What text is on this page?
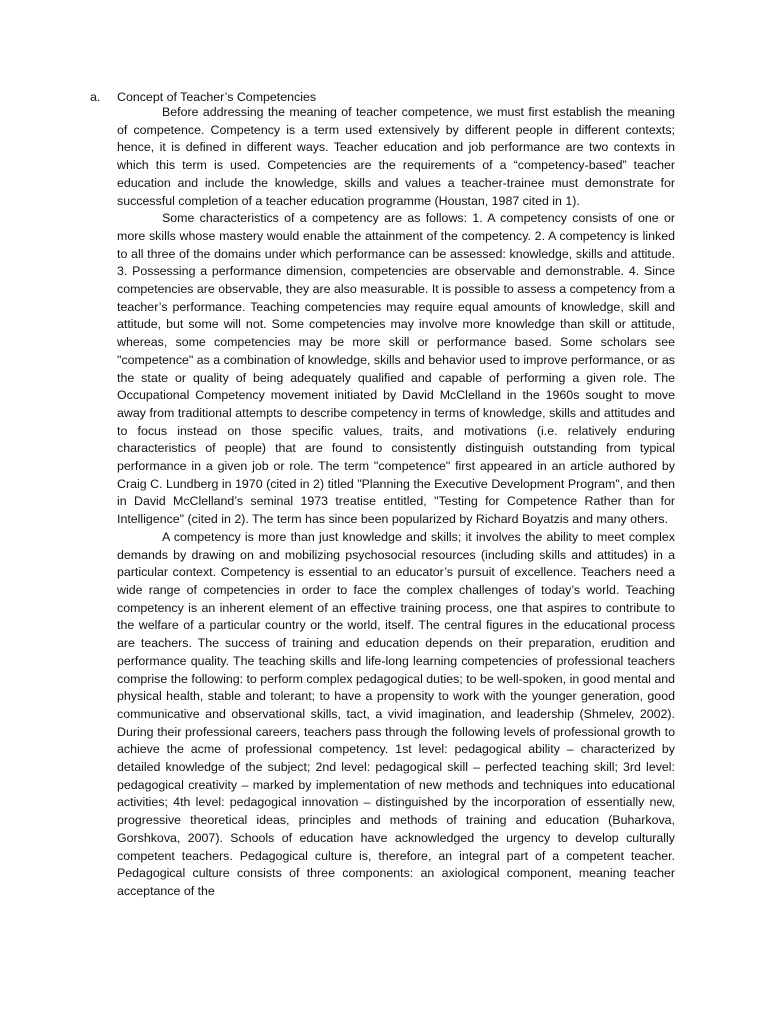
a. Concept of Teacher’s Competencies

Before addressing the meaning of teacher competence, we must first establish the meaning of competence. Competency is a term used extensively by different people in different contexts; hence, it is defined in different ways. Teacher education and job performance are two contexts in which this term is used. Competencies are the requirements of a “competency-based” teacher education and include the knowledge, skills and values a teacher-trainee must demonstrate for successful completion of a teacher education programme (Houstan, 1987 cited in 1).

Some characteristics of a competency are as follows: 1. A competency consists of one or more skills whose mastery would enable the attainment of the competency. 2. A competency is linked to all three of the domains under which performance can be assessed: knowledge, skills and attitude. 3. Possessing a performance dimension, competencies are observable and demonstrable. 4. Since competencies are observable, they are also measurable. It is possible to assess a competency from a teacher’s performance. Teaching competencies may require equal amounts of knowledge, skill and attitude, but some will not. Some competencies may involve more knowledge than skill or attitude, whereas, some competencies may be more skill or performance based. Some scholars see "competence" as a combination of knowledge, skills and behavior used to improve performance, or as the state or quality of being adequately qualified and capable of performing a given role. The Occupational Competency movement initiated by David McClelland in the 1960s sought to move away from traditional attempts to describe competency in terms of knowledge, skills and attitudes and to focus instead on those specific values, traits, and motivations (i.e. relatively enduring characteristics of people) that are found to consistently distinguish outstanding from typical performance in a given job or role. The term "competence" first appeared in an article authored by Craig C. Lundberg in 1970 (cited in 2) titled "Planning the Executive Development Program", and then in David McClelland’s seminal 1973 treatise entitled, "Testing for Competence Rather than for Intelligence" (cited in 2). The term has since been popularized by Richard Boyatzis and many others.

A competency is more than just knowledge and skills; it involves the ability to meet complex demands by drawing on and mobilizing psychosocial resources (including skills and attitudes) in a particular context. Competency is essential to an educator’s pursuit of excellence. Teachers need a wide range of competencies in order to face the complex challenges of today’s world. Teaching competency is an inherent element of an effective training process, one that aspires to contribute to the welfare of a particular country or the world, itself. The central figures in the educational process are teachers. The success of training and education depends on their preparation, erudition and performance quality. The teaching skills and life-long learning competencies of professional teachers comprise the following: to perform complex pedagogical duties; to be well-spoken, in good mental and physical health, stable and tolerant; to have a propensity to work with the younger generation, good communicative and observational skills, tact, a vivid imagination, and leadership (Shmelev, 2002). During their professional careers, teachers pass through the following levels of professional growth to achieve the acme of professional competency. 1st level: pedagogical ability – characterized by detailed knowledge of the subject; 2nd level: pedagogical skill – perfected teaching skill; 3rd level: pedagogical creativity – marked by implementation of new methods and techniques into educational activities; 4th level: pedagogical innovation – distinguished by the incorporation of essentially new, progressive theoretical ideas, principles and methods of training and education (Buharkova, Gorshkova, 2007). Schools of education have acknowledged the urgency to develop culturally competent teachers. Pedagogical culture is, therefore, an integral part of a competent teacher. Pedagogical culture consists of three components: an axiological component, meaning teacher acceptance of the
